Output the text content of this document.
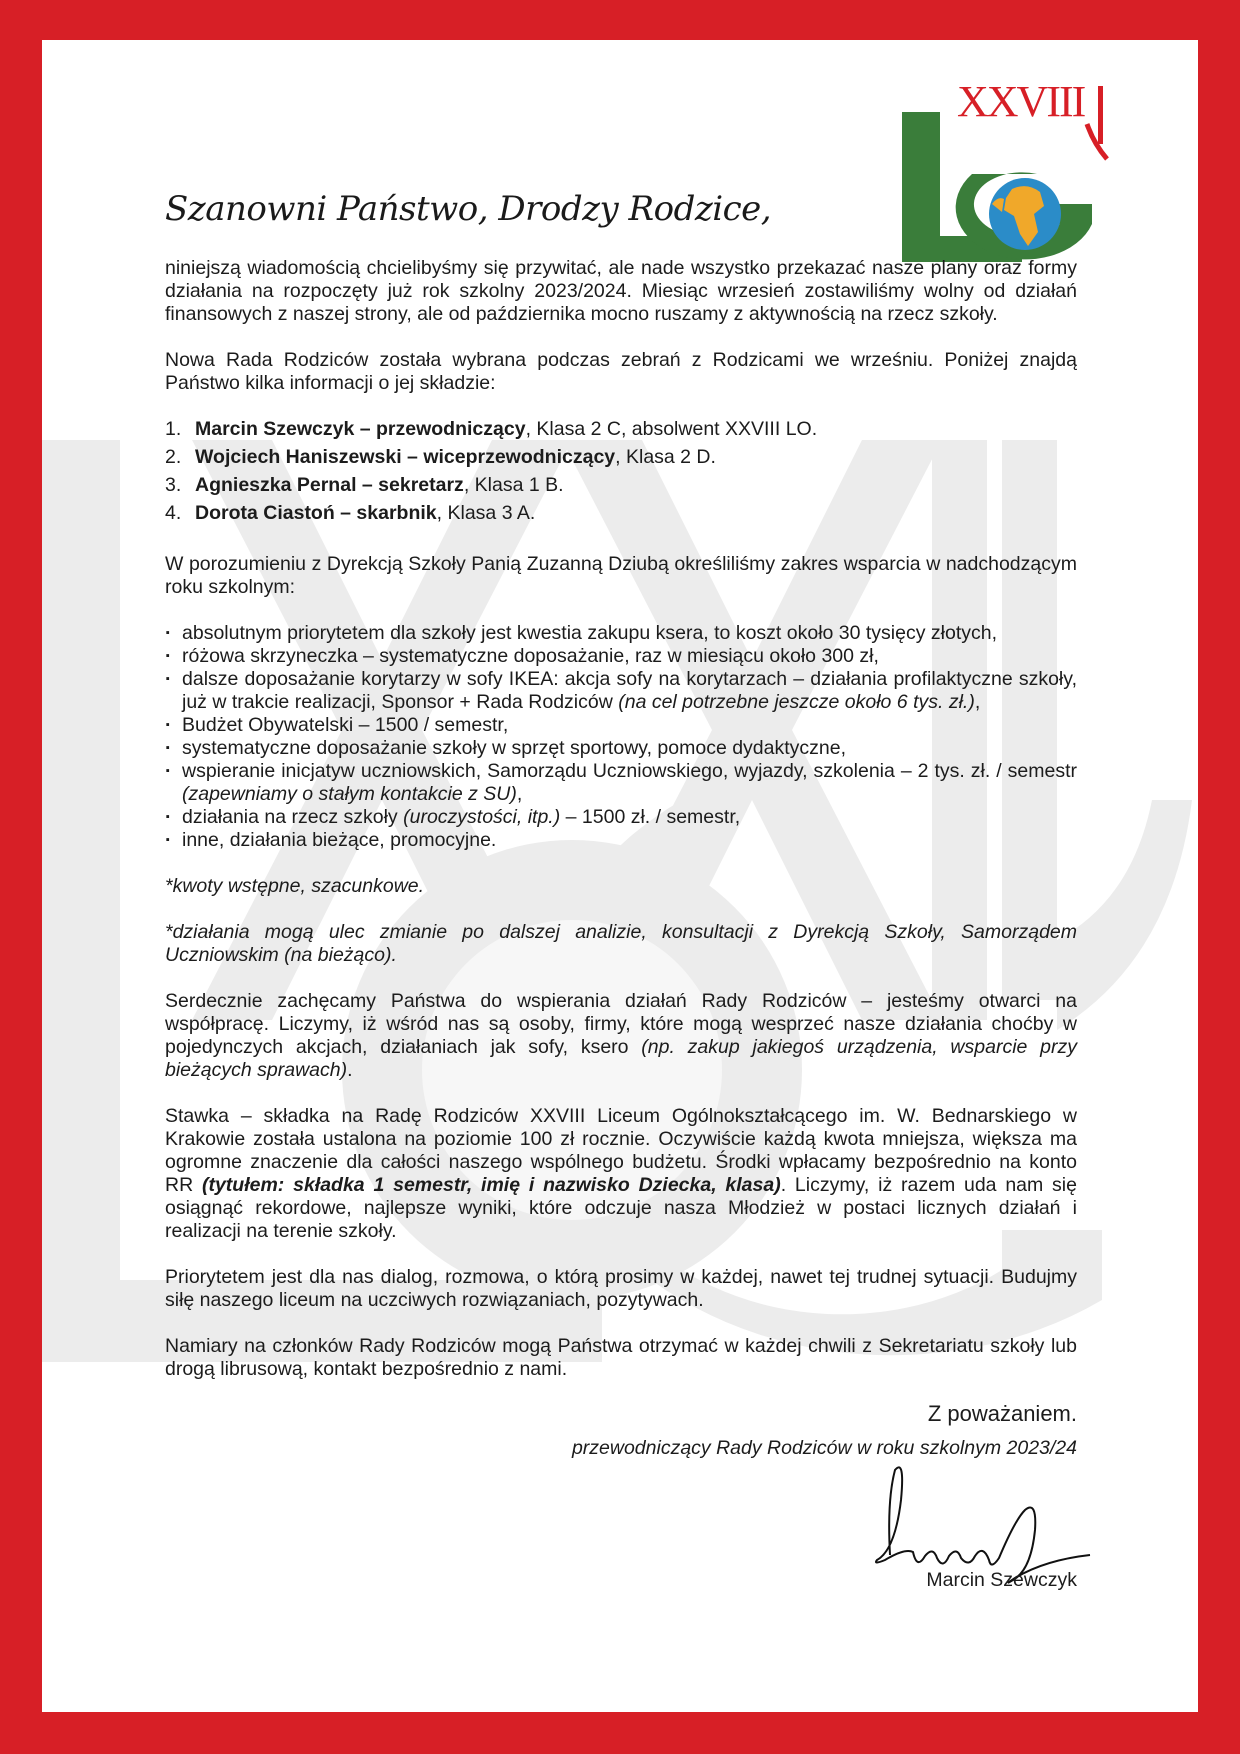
XXVIII
Szanowni Państwo, Drodzy Rodzice,

niniejszą wiadomością chcielibyśmy się przywitać, ale nade wszystko przekazać nasze plany oraz formy działania na rozpoczęty już rok szkolny 2023/2024. Miesiąc wrzesień zostawiliśmy wolny od działań finansowych z naszej strony, ale od października mocno ruszamy z aktywnością na rzecz szkoły.

Nowa Rada Rodziców została wybrana podczas zebrań z Rodzicami we wrześniu. Poniżej znajdą Państwo kilka informacji o jej składzie:

1. Marcin Szewczyk – przewodniczący, Klasa 2 C, absolwent XXVIII LO.
2. Wojciech Haniszewski – wiceprzewodniczący, Klasa 2 D.
3. Agnieszka Pernal – sekretarz, Klasa 1 B.
4. Dorota Ciastoń – skarbnik, Klasa 3 A.

W porozumieniu z Dyrekcją Szkoły Panią Zuzanną Dziubą określiliśmy zakres wsparcia w nadchodzącym roku szkolnym:

· absolutnym priorytetem dla szkoły jest kwestia zakupu ksera, to koszt około 30 tysięcy złotych,
· różowa skrzyneczka – systematyczne doposażanie, raz w miesiącu około 300 zł,
· dalsze doposażanie korytarzy w sofy IKEA: akcja sofy na korytarzach – działania profilaktyczne szkoły, już w trakcie realizacji, Sponsor + Rada Rodziców (na cel potrzebne jeszcze około 6 tys. zł.),
· Budżet Obywatelski – 1500 / semestr,
· systematyczne doposażanie szkoły w sprzęt sportowy, pomoce dydaktyczne,
· wspieranie inicjatyw uczniowskich, Samorządu Uczniowskiego, wyjazdy, szkolenia – 2 tys. zł. / semestr (zapewniamy o stałym kontakcie z SU),
· działania na rzecz szkoły (uroczystości, itp.) – 1500 zł. / semestr,
· inne, działania bieżące, promocyjne.

*kwoty wstępne, szacunkowe.

*działania mogą ulec zmianie po dalszej analizie, konsultacji z Dyrekcją Szkoły, Samorządem Uczniowskim (na bieżąco).

Serdecznie zachęcamy Państwa do wspierania działań Rady Rodziców – jesteśmy otwarci na współpracę. Liczymy, iż wśród nas są osoby, firmy, które mogą wesprzeć nasze działania choćby w pojedynczych akcjach, działaniach jak sofy, ksero (np. zakup jakiegoś urządzenia, wsparcie przy bieżących sprawach).

Stawka – składka na Radę Rodziców XXVIII Liceum Ogólnokształcącego im. W. Bednarskiego w Krakowie została ustalona na poziomie 100 zł rocznie. Oczywiście każdą kwota mniejsza, większa ma ogromne znaczenie dla całości naszego wspólnego budżetu. Środki wpłacamy bezpośrednio na konto RR (tytułem: składka 1 semestr, imię i nazwisko Dziecka, klasa). Liczymy, iż razem uda nam się osiągnąć rekordowe, najlepsze wyniki, które odczuje nasza Młodzież w postaci licznych działań i realizacji na terenie szkoły.

Priorytetem jest dla nas dialog, rozmowa, o którą prosimy w każdej, nawet tej trudnej sytuacji. Budujmy siłę naszego liceum na uczciwych rozwiązaniach, pozytywach.

Namiary na członków Rady Rodziców mogą Państwa otrzymać w każdej chwili z Sekretariatu szkoły lub drogą librusową, kontakt bezpośrednio z nami.

Z poważaniem.
przewodniczący Rady Rodziców w roku szkolnym 2023/24
Marcin Szewczyk
